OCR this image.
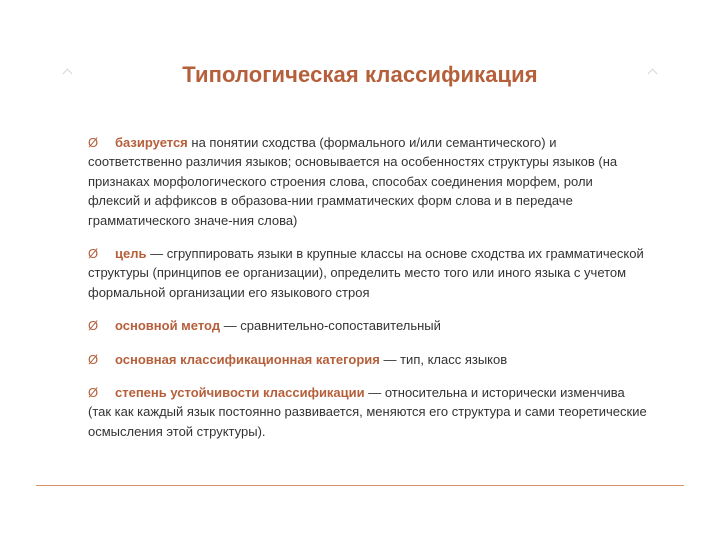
Типологическая классификация

Ø базируется на понятии сходства (формального и/или семантического) и соответственно различия языков; основывается на особенностях структуры языков (на признаках морфологического строения слова, способах соединения морфем, роли флексий и аффиксов в образова-нии грамматических форм слова и в передаче грамматического значе-ния слова)

Ø цель — сгруппировать языки в крупные классы на основе сходства их грамматической структуры (принципов ее организации), определить место того или иного языка с учетом формальной организации его языкового строя

Ø основной метод — сравнительно-сопоставительный

Ø основная классификационная категория — тип, класс языков

Ø степень устойчивости классификации — относительна и исторически изменчива (так как каждый язык постоянно развивается, меняются его структура и сами теоретические осмысления этой структуры).
